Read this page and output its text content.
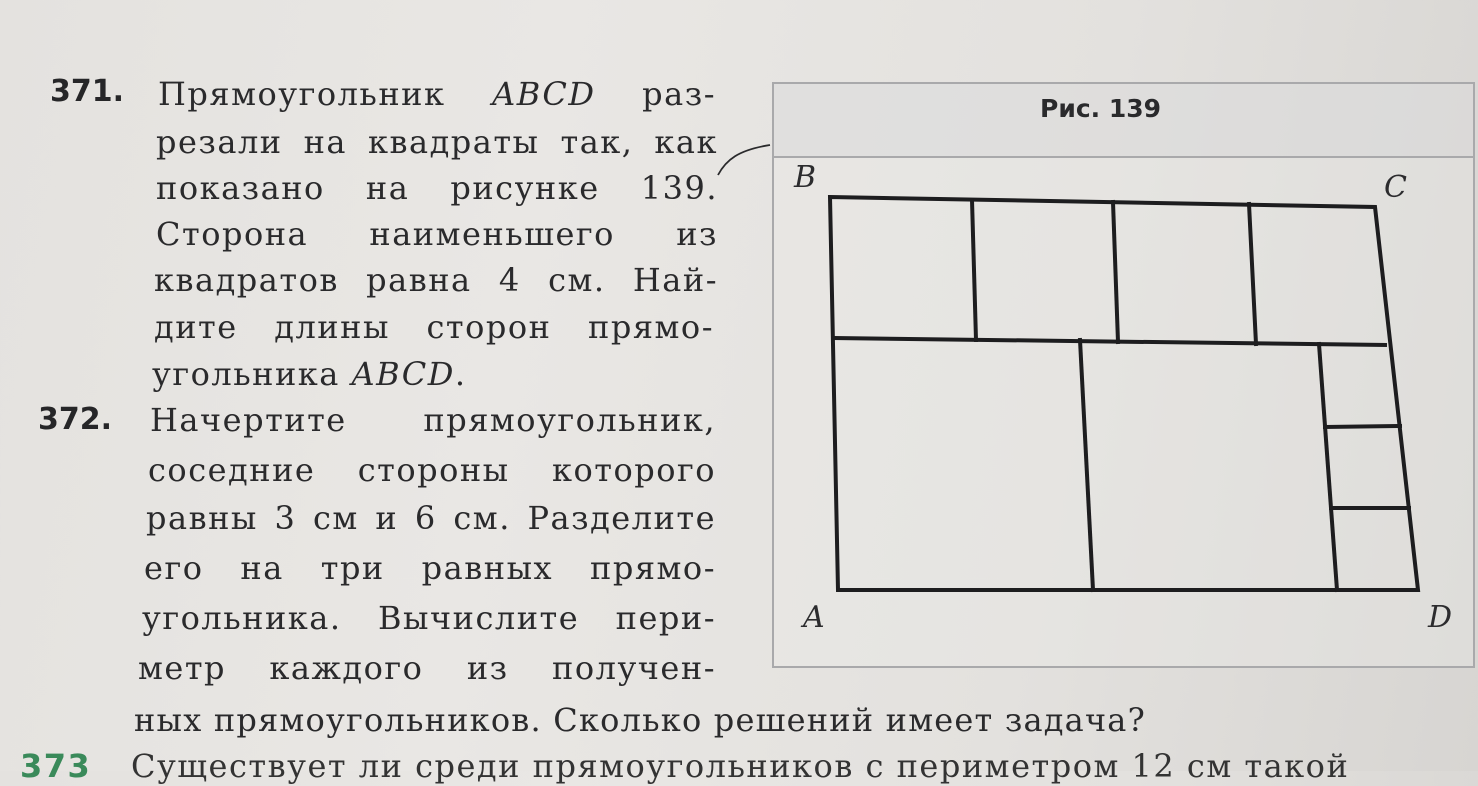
371. Прямоугольник ABCD раз-
резали на квадраты так, как
показано на рисунке 139.
Сторона наименьшего из
квадратов равна 4 см. Най-
дите длины сторон прямо-
угольника ABCD.
372. Начертите прямоугольник,
соседние стороны которого
равны 3 см и 6 см. Разделите
его на три равных прямо-
угольника. Вычислите пери-
метр каждого из получен-
ных прямоугольников. Сколько решений имеет задача?
373 Существует ли среди прямоугольников с периметром 12 см такой
Рис. 139
B	C
A	D
